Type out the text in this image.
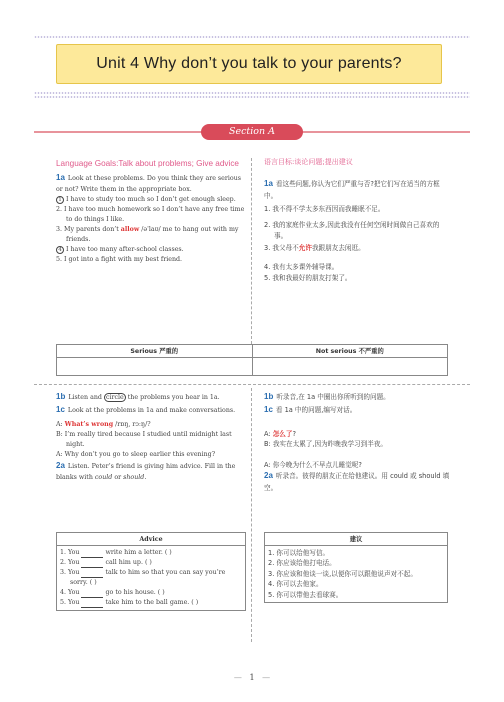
Unit 4 Why don’t you talk to your parents?
Section A
Language Goals:Talk about problems; Give advice
1a Look at these problems. Do you think they are serious or not? Write them in the appropriate box.
1 I have to study too much so I don’t get enough sleep.
2. I have too much homework so I don’t have any free time to do things I like.
3. My parents don’t allow /əˈlaʊ/ me to hang out with my friends.
4 I have too many after-school classes.
5. I got into a fight with my best friend.
语言目标:谈论问题;提出建议
1a 看这些问题,你认为它们严重与否?把它们写在适当的方框中。
1. 我不得不学太多东西因而我睡眠不足。
2. 我的家庭作业太多,因此我没有任何空闲时间做自己喜欢的事。
3. 我父母不允许我跟朋友去闲逛。
4. 我有太多课外辅导课。
5. 我和我最好的朋友打架了。
Serious 严重的	Not serious 不严重的

1b Listen and circle the problems you hear in 1a.
1c Look at the problems in 1a and make conversations.
A: What’s wrong /rɒŋ, rɔːŋ/?
B: I’m really tired because I studied until midnight last night.
A: Why don’t you go to sleep earlier this evening?
2a Listen. Peter’s friend is giving him advice. Fill in the blanks with could or should.
1b 听录音,在 1a 中圈出你所听到的问题。
1c 看 1a 中的问题,编写对话。
A: 怎么了?
B: 我实在太累了,因为昨晚我学习到半夜。
A: 你今晚为什么不早点儿睡觉呢?
2a 听录音。彼得的朋友正在给他建议。用 could 或 should 填空。
Advice

1. You	write him a letter. ( )
2. You	call him up. ( )
3. You	talk to him so that you can say you’re sorry. ( )
4. You	go to his house. ( )
5. You	take him to the ball game. ( )
建议

1. 你可以给他写信。
2. 你应该给他打电话。
3. 你应该和他谈一谈,以便你可以跟他说声对不起。
4. 你可以去他家。
5. 你可以带他去看球赛。
— 1 —
